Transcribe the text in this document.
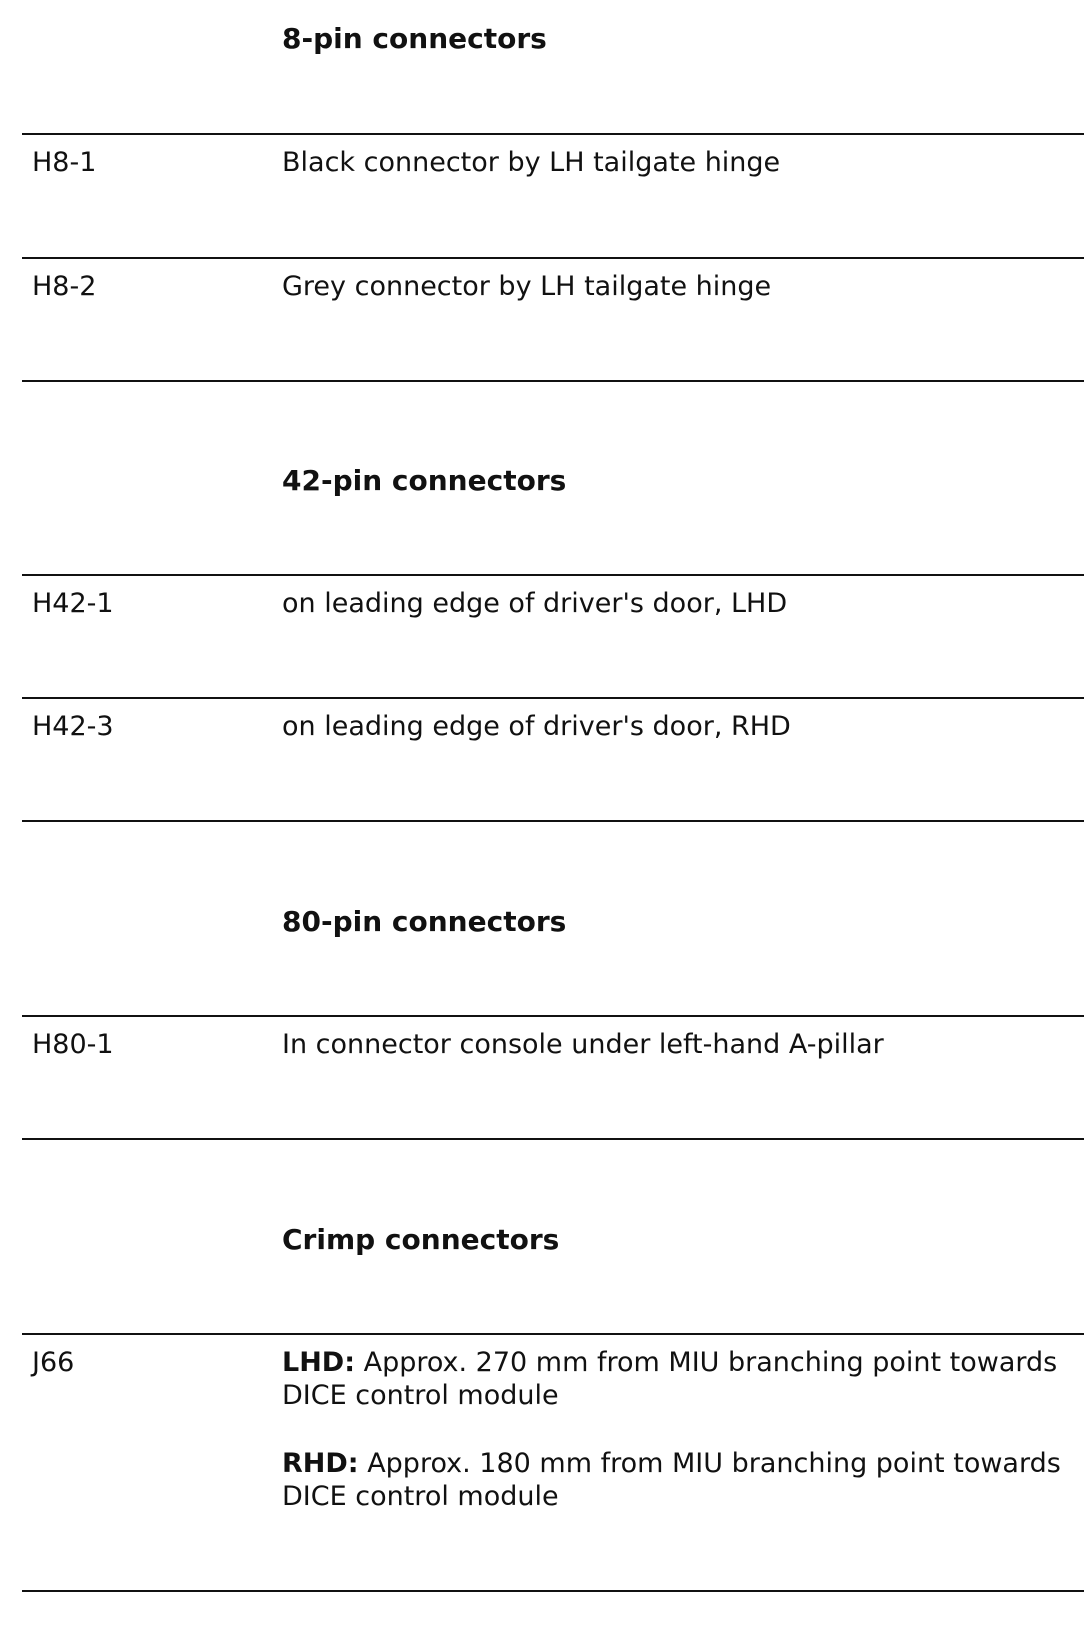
8-pin connectors
H8-1	Black connector by LH tailgate hinge
H8-2	Grey connector by LH tailgate hinge
42-pin connectors
H42-1	on leading edge of driver's door, LHD
H42-3	on leading edge of driver's door, RHD
80-pin connectors
H80-1	In connector console under left-hand A-pillar
Crimp connectors
J66	LHD: Approx. 270 mm from MIU branching point towards DICE control module
RHD: Approx. 180 mm from MIU branching point towards DICE control module
